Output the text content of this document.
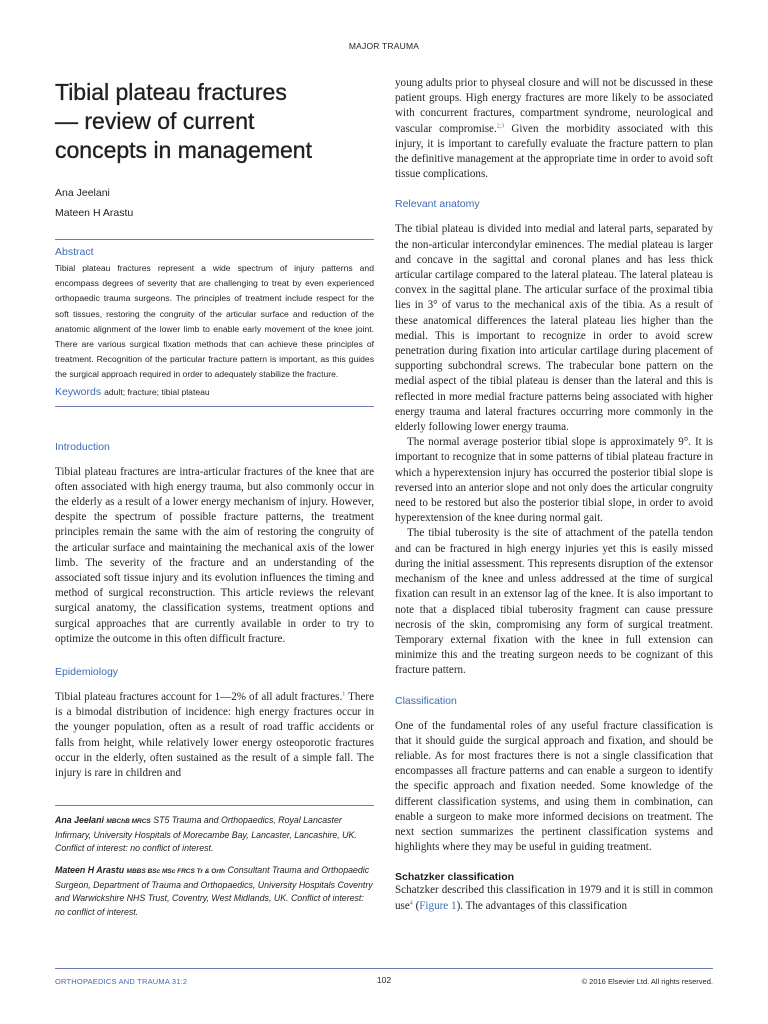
MAJOR TRAUMA
Tibial plateau fractures
— review of current
concepts in management
Ana Jeelani
Mateen H Arastu
Abstract

Tibial plateau fractures represent a wide spectrum of injury patterns and encompass degrees of severity that are challenging to treat by even experienced orthopaedic trauma surgeons. The principles of treatment include respect for the soft tissues, restoring the congruity of the articular surface and reduction of the anatomic alignment of the lower limb to enable early movement of the knee joint. There are various surgical fixation methods that can achieve these principles of treatment. Recognition of the particular fracture pattern is important, as this guides the surgical approach required in order to adequately stabilize the fracture.

Keywords adult; fracture; tibial plateau
Introduction

Tibial plateau fractures are intra-articular fractures of the knee that are often associated with high energy trauma, but also commonly occur in the elderly as a result of a lower energy mechanism of injury. However, despite the spectrum of possible fracture patterns, the treatment principles remain the same with the aim of restoring the congruity of the articular surface and maintaining the mechanical axis of the lower limb. The severity of the fracture and an understanding of the associated soft tissue injury and its evolution influences the timing and method of surgical reconstruction. This article reviews the relevant surgical anatomy, the classification systems, treatment options and surgical approaches that are currently available in order to try to optimize the outcome in this often difficult fracture.

Epidemiology

Tibial plateau fractures account for 1—2% of all adult fractures.$^1$ There is a bimodal distribution of incidence: high energy fractures occur in the younger population, often as a result of road traffic accidents or falls from height, while relatively lower energy osteoporotic fractures occur in the elderly, often sustained as the result of a simple fall. The injury is rare in children and

Ana Jeelani MBChB MRCS ST5 Trauma and Orthopaedics, Royal Lancaster Infirmary, University Hospitals of Morecambe Bay, Lancaster, Lancashire, UK. Conflict of interest: no conflict of interest.
Mateen H Arastu MBBS BSc MSc FRCS Tr & Orth Consultant Trauma and Orthopaedic Surgeon, Department of Trauma and Orthopaedics, University Hospitals Coventry and Warwickshire NHS Trust, Coventry, West Midlands, UK. Conflict of interest: no conflict of interest.

young adults prior to physeal closure and will not be discussed in these patient groups. High energy fractures are more likely to be associated with concurrent fractures, compartment syndrome, neurological and vascular compromise.$^{2,3}$ Given the morbidity associated with this injury, it is important to carefully evaluate the fracture pattern to plan the definitive management at the appropriate time in order to avoid soft tissue complications.

Relevant anatomy

The tibial plateau is divided into medial and lateral parts, separated by the non-articular intercondylar eminences. The medial plateau is larger and concave in the sagittal and coronal planes and has less thick articular cartilage compared to the lateral plateau. The lateral plateau is convex in the sagittal plane. The articular surface of the proximal tibia lies in 3° of varus to the mechanical axis of the tibia. As a result of these anatomical differences the lateral plateau lies higher than the medial. This is important to recognize in order to avoid screw penetration during fixation into articular cartilage during placement of supporting subchondral screws. The trabecular bone pattern on the medial aspect of the tibial plateau is denser than the lateral and this is reflected in more medial fracture patterns being associated with higher energy trauma and lateral fractures occurring more commonly in the elderly following lower energy trauma.

The normal average posterior tibial slope is approximately 9°. It is important to recognize that in some patterns of tibial plateau fracture in which a hyperextension injury has occurred the posterior tibial slope is reversed into an anterior slope and not only does the articular congruity need to be restored but also the posterior tibial slope, in order to avoid hyperextension of the knee during normal gait.

The tibial tuberosity is the site of attachment of the patella tendon and can be fractured in high energy injuries yet this is easily missed during the initial assessment. This represents disruption of the extensor mechanism of the knee and unless addressed at the time of surgical fixation can result in an extensor lag of the knee. It is also important to note that a displaced tibial tuberosity fragment can cause pressure necrosis of the skin, compromising any form of surgical treatment. Temporary external fixation with the knee in full extension can minimize this and the treating surgeon needs to be cognizant of this fracture pattern.

Classification

One of the fundamental roles of any useful fracture classification is that it should guide the surgical approach and fixation, and should be reliable. As for most fractures there is not a single classification that encompasses all fracture patterns and can enable a surgeon to identify the specific approach and fixation needed. Some knowledge of the different classification systems, and using them in combination, can enable a surgeon to make more informed decisions on treatment. The next section summarizes the pertinent classification systems and highlights where they may be useful in guiding treatment.

Schatzker classification

Schatzker described this classification in 1979 and it is still in common use$^4$ (Figure 1). The advantages of this classification

ORTHOPAEDICS AND TRAUMA 31:2	102	© 2016 Elsevier Ltd. All rights reserved.
